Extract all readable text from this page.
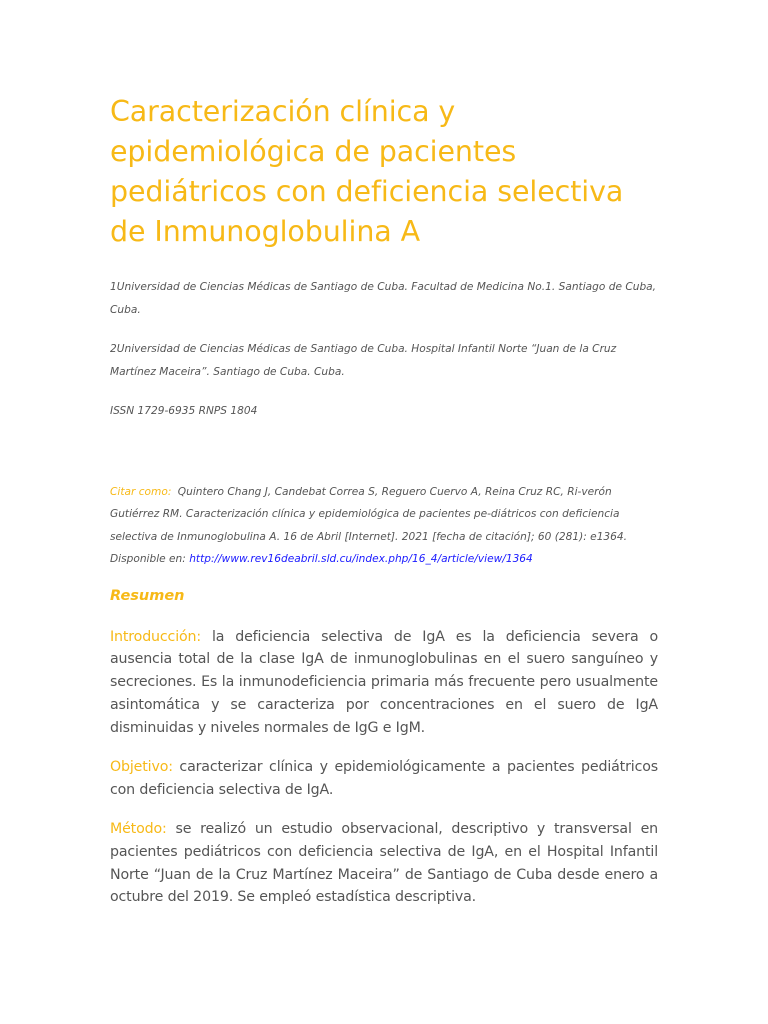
Caracterización clínica y epidemiológica de pacientes pediátricos con deficiencia selectiva de Inmunoglobulina A

1Universidad de Ciencias Médicas de Santiago de Cuba. Facultad de Medicina No.1. Santiago de Cuba, Cuba.

2Universidad de Ciencias Médicas de Santiago de Cuba. Hospital Infantil Norte “Juan de la Cruz Martínez Maceira”. Santiago de Cuba. Cuba.

ISSN 1729-6935 RNPS 1804

Citar como: Quintero Chang J, Candebat Correa S, Reguero Cuervo A, Reina Cruz RC, Ri-verón Gutiérrez RM. Caracterización clínica y epidemiológica de pacientes pe-diátricos con deficiencia selectiva de Inmunoglobulina A. 16 de Abril [Internet]. 2021 [fecha de citación]; 60 (281): e1364. Disponible en: http://www.rev16deabril.sld.cu/index.php/16_4/article/view/1364

Resumen

Introducción: la deficiencia selectiva de IgA es la deficiencia severa o ausencia total de la clase IgA de inmunoglobulinas en el suero sanguíneo y secreciones. Es la inmunodeficiencia primaria más frecuente pero usualmente asintomática y se caracteriza por concentraciones en el suero de IgA disminuidas y niveles normales de IgG e IgM.

Objetivo: caracterizar clínica y epidemiológicamente a pacientes pediátricos con deficiencia selectiva de IgA.

Método: se realizó un estudio observacional, descriptivo y transversal en pacientes pediátricos con deficiencia selectiva de IgA, en el Hospital Infantil Norte “Juan de la Cruz Martínez Maceira” de Santiago de Cuba desde enero a octubre del 2019. Se empleó estadística descriptiva.
